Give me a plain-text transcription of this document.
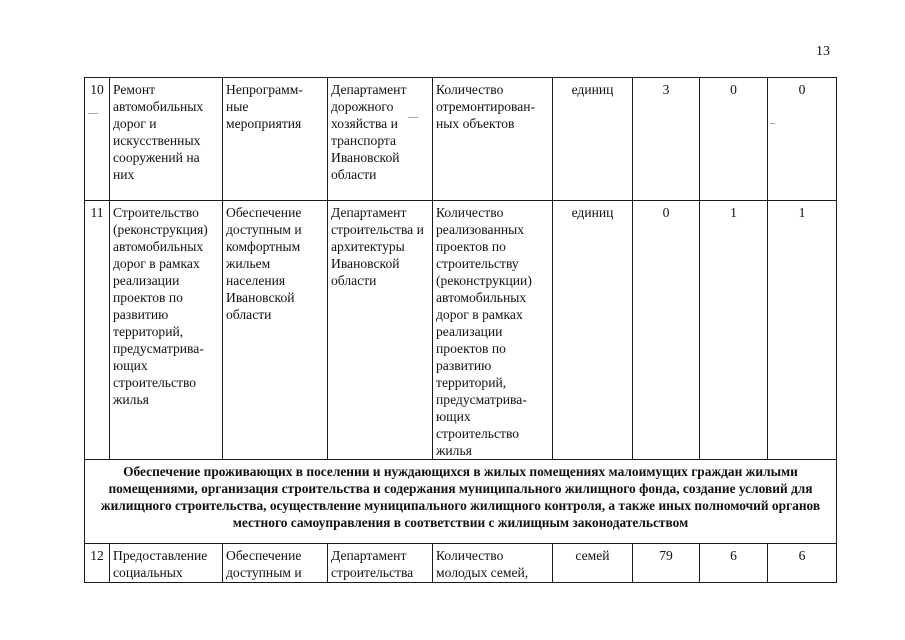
13
10	Ремонт автомобильных дорог и искусственных сооружений на них	Непрограмм-ные мероприятия	Департамент дорожного хозяйства и транспорта Ивановской области	Количество отремонтирован-ных объектов	единиц	3	0	0
11	Строительство (реконструкция) автомобильных дорог в рамках реализации проектов по развитию территорий, предусматрива-ющих строительство жилья	Обеспечение доступным и комфортным жильем населения Ивановской области	Департамент строительства и архитектуры Ивановской области	Количество реализованных проектов по строительству (реконструкции) автомобильных дорог в рамках реализации проектов по развитию территорий, предусматрива-ющих строительство жилья	единиц	0	1	1
Обеспечение проживающих в поселении и нуждающихся в жилых помещениях малоимущих граждан жилыми помещениями, организация строительства и содержания муниципального жилищного фонда, создание условий для жилищного строительства, осуществление муниципального жилищного контроля, а также иных полномочий органов местного самоуправления в соответствии с жилищным законодательством								
12	Предоставление социальных	Обеспечение доступным и	Департамент строительства	Количество молодых семей,	семей	79	6	6
—	—
–
